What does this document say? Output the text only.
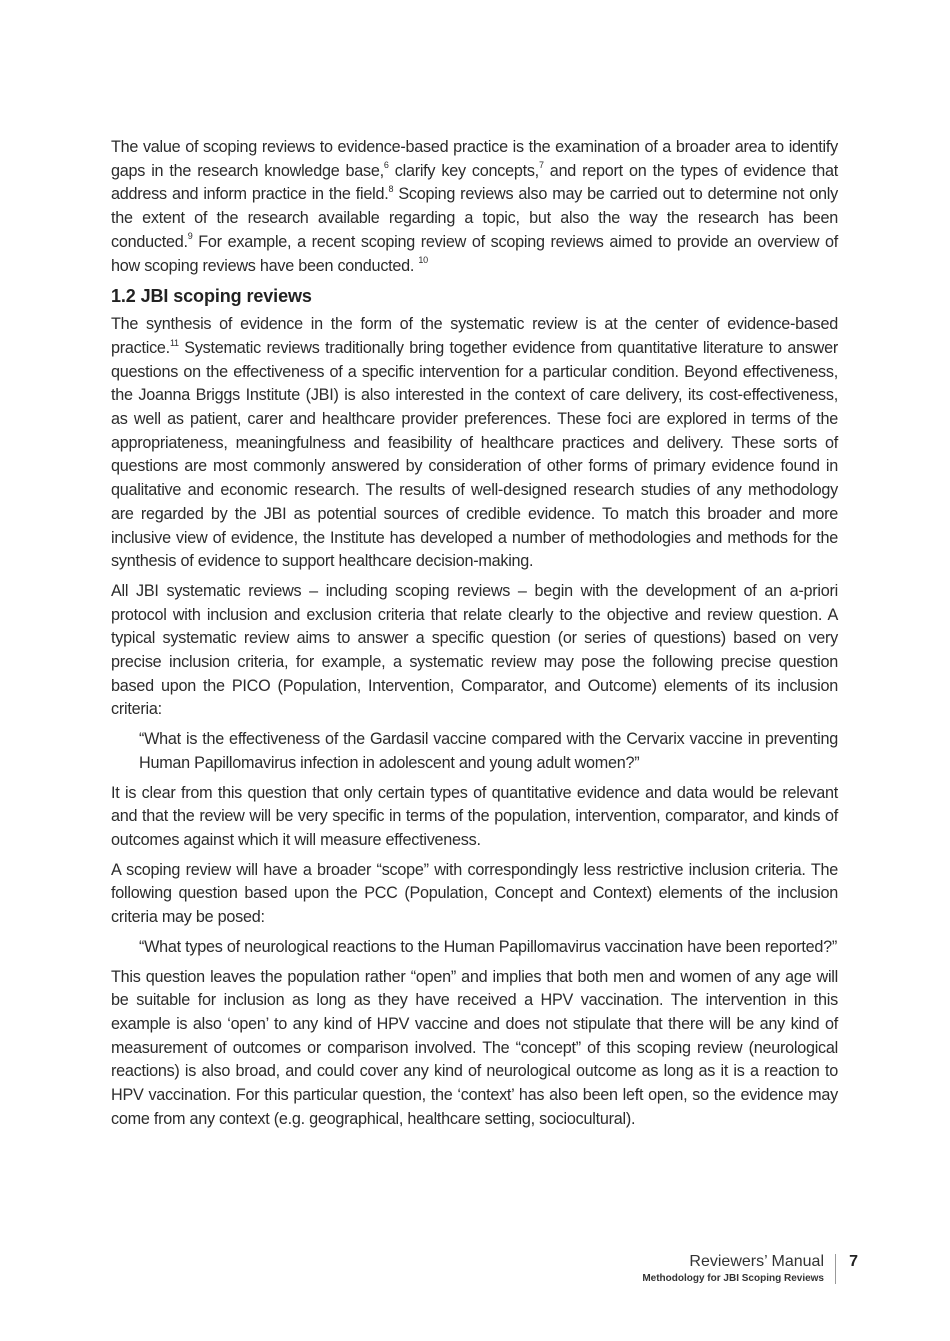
The value of scoping reviews to evidence-based practice is the examination of a broader area to identify gaps in the research knowledge base,$^6$ clarify key concepts,$^7$ and report on the types of evidence that address and inform practice in the field.$^8$ Scoping reviews also may be carried out to determine not only the extent of the research available regarding a topic, but also the way the research has been conducted.$^9$ For example, a recent scoping review of scoping reviews aimed to provide an overview of how scoping reviews have been conducted. $^{10}$

1.2 JBI scoping reviews

The synthesis of evidence in the form of the systematic review is at the center of evidence-based practice.$^{11}$ Systematic reviews traditionally bring together evidence from quantitative literature to answer questions on the effectiveness of a specific intervention for a particular condition. Beyond effectiveness, the Joanna Briggs Institute (JBI) is also interested in the context of care delivery, its cost-effectiveness, as well as patient, carer and healthcare provider preferences. These foci are explored in terms of the appropriateness, meaningfulness and feasibility of healthcare practices and delivery. These sorts of questions are most commonly answered by consideration of other forms of primary evidence found in qualitative and economic research. The results of well-designed research studies of any methodology are regarded by the JBI as potential sources of credible evidence. To match this broader and more inclusive view of evidence, the Institute has developed a number of methodologies and methods for the synthesis of evidence to support healthcare decision-making.

All JBI systematic reviews – including scoping reviews – begin with the development of an a-priori protocol with inclusion and exclusion criteria that relate clearly to the objective and review question. A typical systematic review aims to answer a specific question (or series of questions) based on very precise inclusion criteria, for example, a systematic review may pose the following precise question based upon the PICO (Population, Intervention, Comparator, and Outcome) elements of its inclusion criteria:

“What is the effectiveness of the Gardasil vaccine compared with the Cervarix vaccine in preventing Human Papillomavirus infection in adolescent and young adult women?”

It is clear from this question that only certain types of quantitative evidence and data would be relevant and that the review will be very specific in terms of the population, intervention, comparator, and kinds of outcomes against which it will measure effectiveness.

A scoping review will have a broader “scope” with correspondingly less restrictive inclusion criteria. The following question based upon the PCC (Population, Concept and Context) elements of the inclusion criteria may be posed:

“What types of neurological reactions to the Human Papillomavirus vaccination have been reported?”

This question leaves the population rather “open” and implies that both men and women of any age will be suitable for inclusion as long as they have received a HPV vaccination. The intervention in this example is also ‘open’ to any kind of HPV vaccine and does not stipulate that there will be any kind of measurement of outcomes or comparison involved. The “concept” of this scoping review (neurological reactions) is also broad, and could cover any kind of neurological outcome as long as it is a reaction to HPV vaccination. For this particular question, the ‘context’ has also been left open, so the evidence may come from any context (e.g. geographical, healthcare setting, sociocultural).

Reviewers’ Manual
Methodology for JBI Scoping Reviews
7
